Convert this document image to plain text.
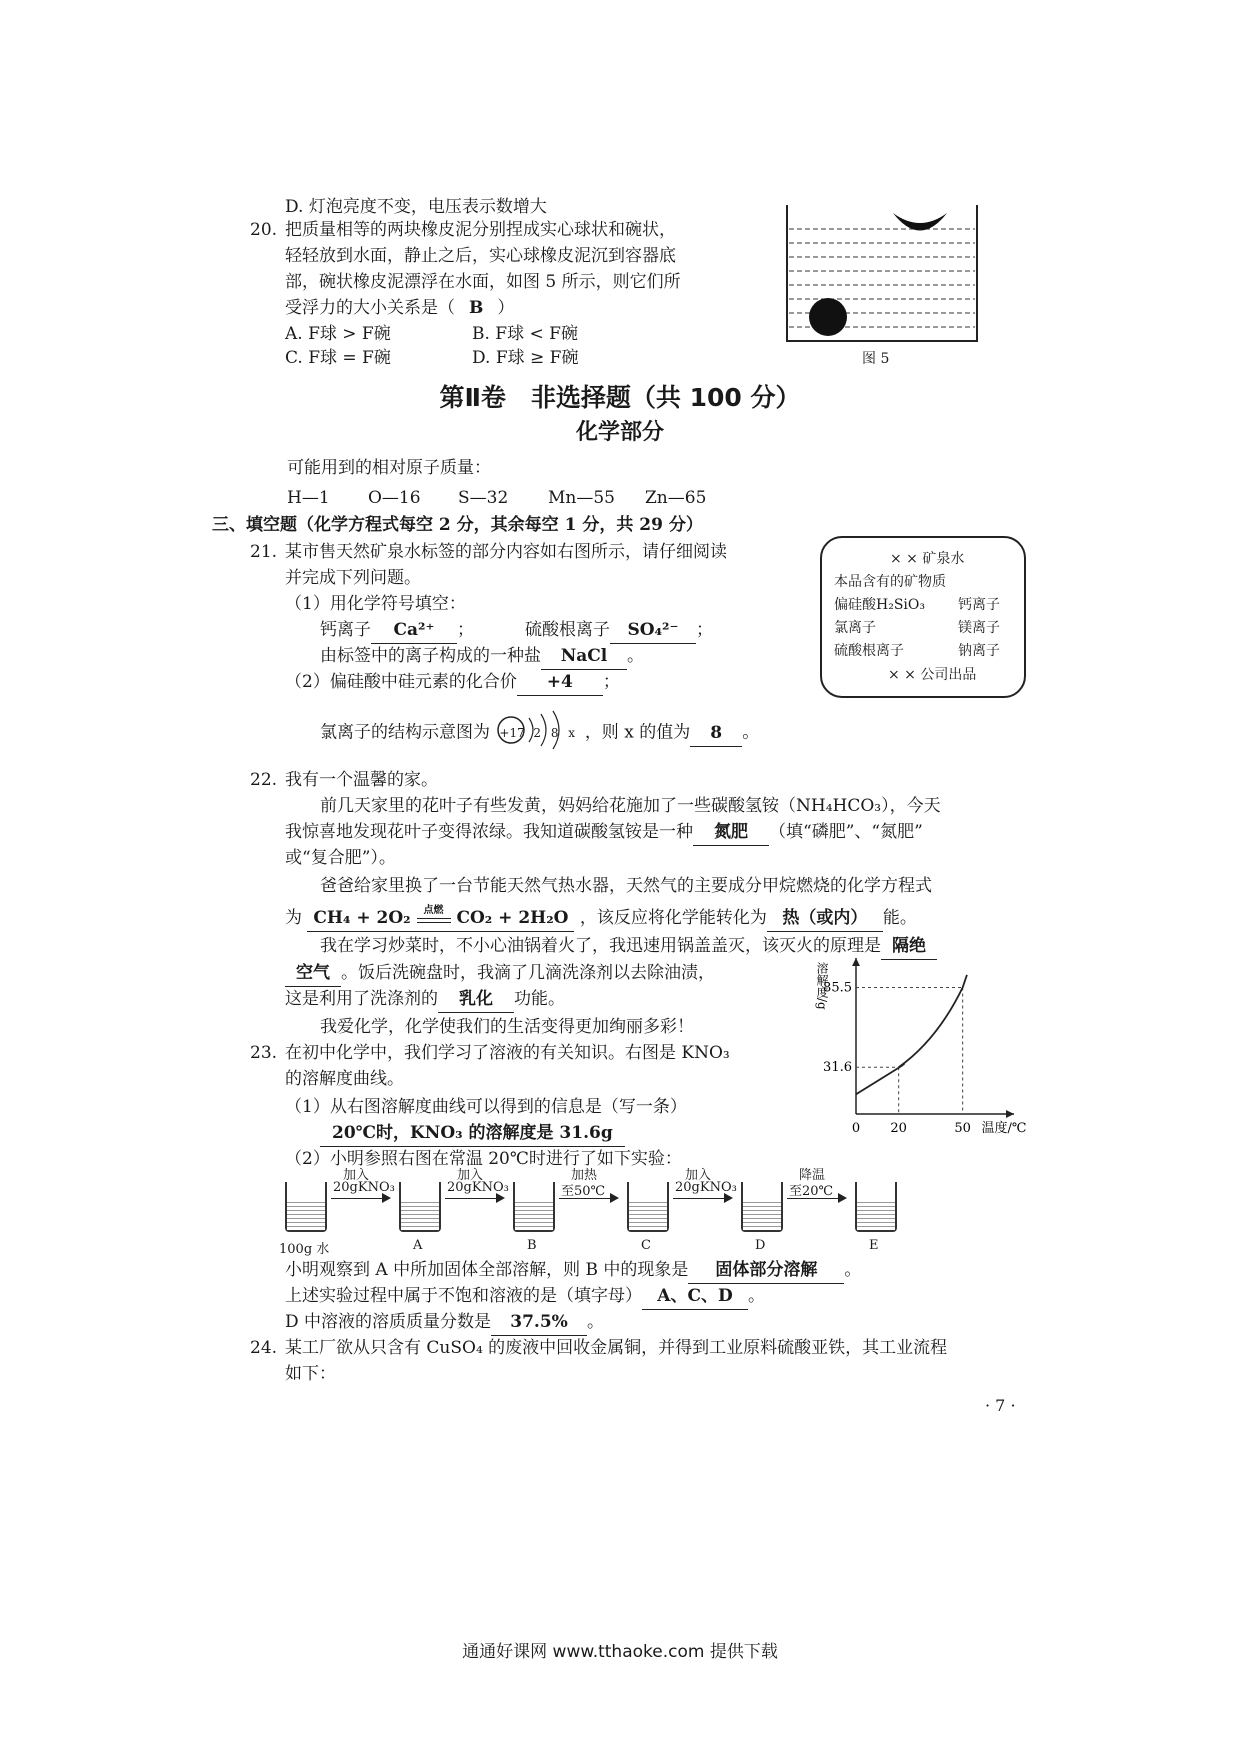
D. 灯泡亮度不变，电压表示数增大
20. 把质量相等的两块橡皮泥分别捏成实心球状和碗状，
轻轻放到水面，静止之后，实心球橡皮泥沉到容器底
部，碗状橡皮泥漂浮在水面，如图 5 所示，则它们所
受浮力的大小关系是（ B ）
A. F球 > F碗	B. F球 < F碗
C. F球 = F碗	D. F球 ≥ F碗	图 5
第Ⅱ卷　非选择题（共 100 分）
化学部分
可能用到的相对原子质量：
H—1 O—16 S—32 Mn—55 Zn—65
三、填空题（化学方程式每空 2 分，其余每空 1 分，共 29 分）
21. 某市售天然矿泉水标签的部分内容如右图所示，请仔细阅读
并完成下列问题。
（1）用化学符号填空：
钙离子 Ca²⁺ ；	硫酸根离子 SO₄²⁻ ；
由标签中的离子构成的一种盐 NaCl 。
（2）偏硅酸中硅元素的化合价 +4 ；
氯离子的结构示意图为 +17 2 8 x ，则 x 的值为 8 。
× × 矿泉水
本品含有的矿物质
偏硅酸H₂SiO₃ 钙离子
氯离子	镁离子
硫酸根离子	钠离子
× × 公司出品
22. 我有一个温馨的家。
前几天家里的花叶子有些发黄，妈妈给花施加了一些碳酸氢铵（NH₄HCO₃），今天
我惊喜地发现花叶子变得浓绿。我知道碳酸氢铵是一种 氮肥 （填“磷肥”、“氮肥”
或“复合肥”）。
爸爸给家里换了一台节能天然气热水器，天然气的主要成分甲烷燃烧的化学方程式
为 CH₄ + 2O₂	点燃 CO₂ + 2H₂O ，该反应将化学能转化为 热（或内） 能。
我在学习炒菜时，不小心油锅着火了，我迅速用锅盖盖灭，该灭火的原理是 隔绝
空气 。饭后洗碗盘时，我滴了几滴洗涤剂以去除油渍，
这是利用了洗涤剂的 乳化 功能。
我爱化学，化学使我们的生活变得更加绚丽多彩！
23. 在初中化学中，我们学习了溶液的有关知识。右图是 KNO₃
的溶解度曲线。
（1）从右图溶解度曲线可以得到的信息是（写一条）
20℃时，KNO₃ 的溶解度是 31.6g
（2）小明参照右图在常温 20℃时进行了如下实验：
0 20	50
31.6
85.5
温度/℃
溶解度/g
100g 水	A	B	C	D	E
加入
20gKNO₃
加入
20gKNO₃
加热
至50℃
加入
20gKNO₃
降温
至20℃
小明观察到 A 中所加固体全部溶解，则 B 中的现象是 固体部分溶解 。
上述实验过程中属于不饱和溶液的是（填字母） A、C、D 。
D 中溶液的溶质质量分数是 37.5% 。
24. 某工厂欲从只含有 CuSO₄ 的废液中回收金属铜，并得到工业原料硫酸亚铁，其工业流程
如下：
· 7 ·
通通好课网 www.tthaoke.com 提供下载
